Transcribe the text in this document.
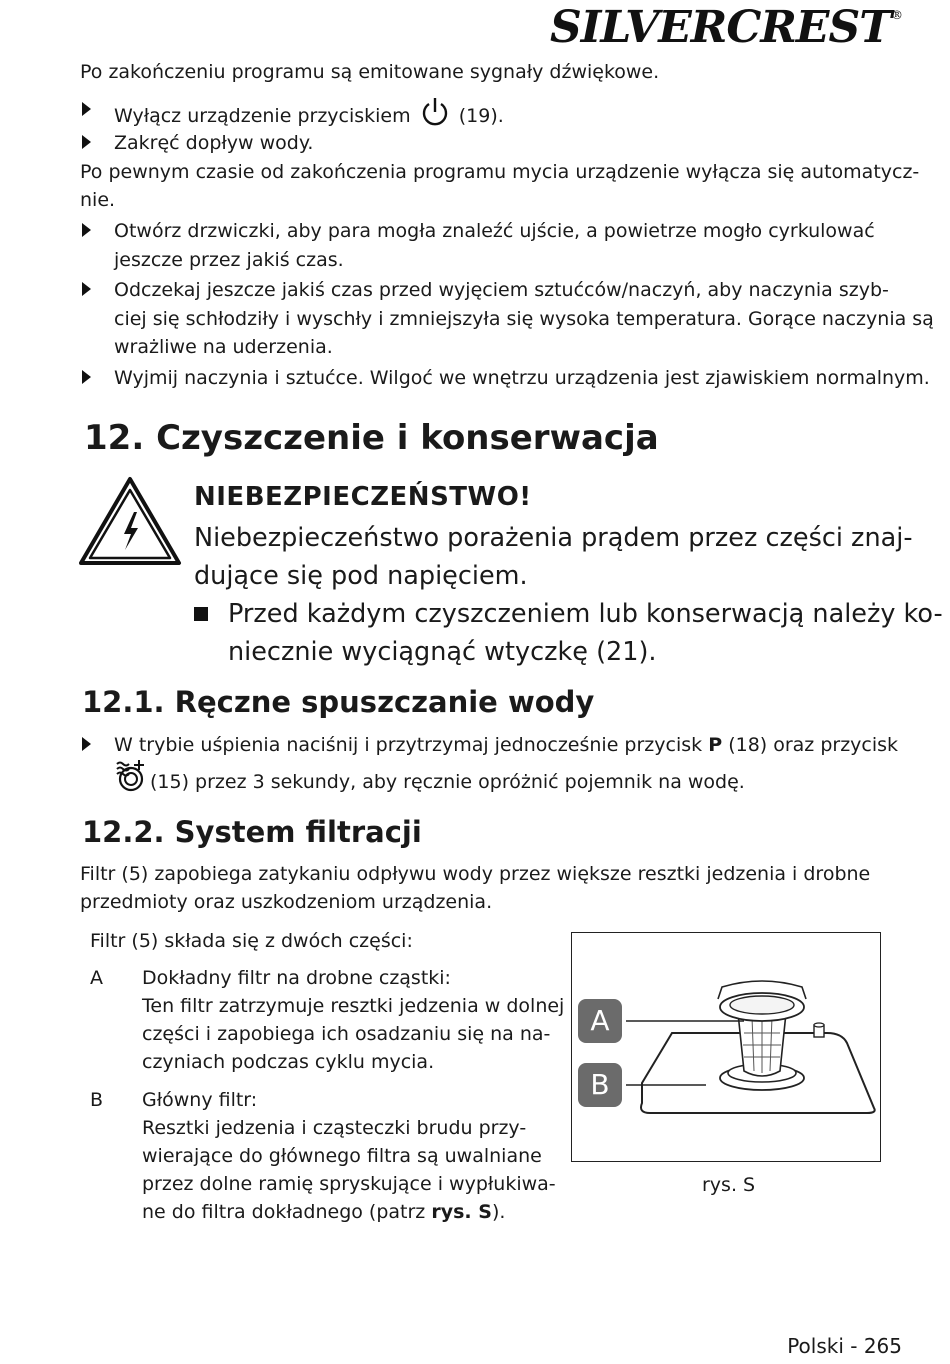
SILVERCREST®
Po zakończeniu programu są emitowane sygnały dźwiękowe.
Wyłącz urządzenie przyciskiem	(19).
Zakręć dopływ wody.
Po pewnym czasie od zakończenia programu mycia urządzenie wyłącza się automatycz-
nie.
Otwórz drzwiczki, aby para mogła znaleźć ujście, a powietrze mogło cyrkulować
jeszcze przez jakiś czas.
Odczekaj jeszcze jakiś czas przed wyjęciem sztućców/naczyń, aby naczynia szyb-
ciej się schłodziły i wyschły i zmniejszyła się wysoka temperatura. Gorące naczynia są
wrażliwe na uderzenia.
Wyjmij naczynia i sztućce. Wilgoć we wnętrzu urządzenia jest zjawiskiem normalnym.
12. Czyszczenie i konserwacja
NIEBEZPIECZEŃSTWO!
Niebezpieczeństwo porażenia prądem przez części znaj-
dujące się pod napięciem.
Przed każdym czyszczeniem lub konserwacją należy ko-
niecznie wyciągnąć wtyczkę (21).
12.1. Ręczne spuszczanie wody
W trybie uśpienia naciśnij i przytrzymaj jednocześnie przycisk P (18) oraz przycisk
(15) przez 3 sekundy, aby ręcznie opróżnić pojemnik na wodę.
12.2. System filtracji
Filtr (5) zapobiega zatykaniu odpływu wody przez większe resztki jedzenia i drobne
przedmioty oraz uszkodzeniom urządzenia.
Filtr (5) składa się z dwóch części:
A Dokładny filtr na drobne cząstki:
Ten filtr zatrzymuje resztki jedzenia w dolnej
części i zapobiega ich osadzaniu się na na-
czyniach podczas cyklu mycia.
B Główny filtr:
Resztki jedzenia i cząsteczki brudu przy-
wierające do głównego filtra są uwalniane
przez dolne ramię spryskujące i wypłukiwa-
ne do filtra dokładnego (patrz rys. S).
A
B
rys. S
Polski - 265
